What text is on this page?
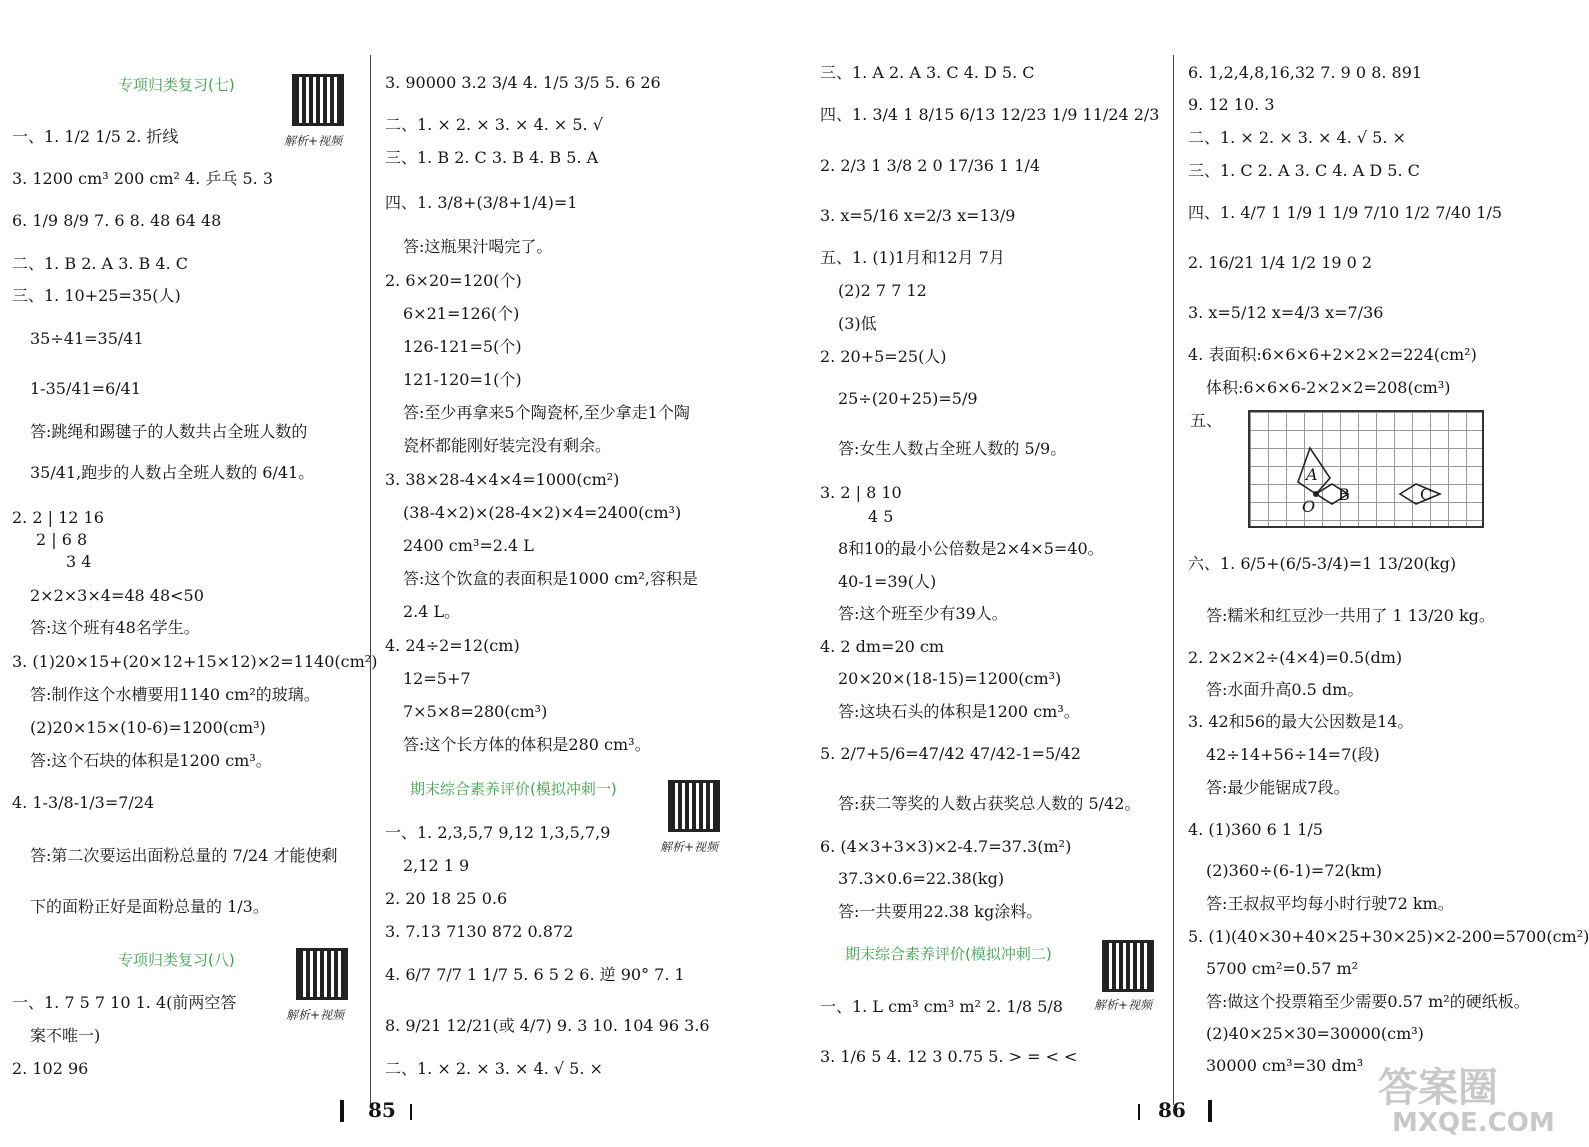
专项归类复习(七)
一、1. 1/2 1/5 2. 折线
3. 1200 cm³ 200 cm² 4. 乒乓 5. 3
6. 1/9 8/9 7. 6 8. 48 64 48
二、1. B 2. A 3. B 4. C
三、1. 10+25=35(人)
35÷41=35/41
1-35/41=6/41
答:跳绳和踢毽子的人数共占全班人数的
35/41,跑步的人数占全班人数的 6/41。
2. 2 | 12 16
2 | 6 8
3 4
2×2×3×4=48 48<50
答:这个班有48名学生。
3. (1)20×15+(20×12+15×12)×2=1140(cm²)
答:制作这个水槽要用1140 cm²的玻璃。
(2)20×15×(10-6)=1200(cm³)
答:这个石块的体积是1200 cm³。
4. 1-3/8-1/3=7/24
答:第二次要运出面粉总量的 7/24 才能使剩
下的面粉正好是面粉总量的 1/3。
专项归类复习(八)
一、1. 7 5 7 10 1. 4(前两空答
案不唯一)
2. 102 96
3. 90000 3.2 3/4 4. 1/5 3/5 5. 6 26
二、1. × 2. × 3. × 4. × 5. √
三、1. B 2. C 3. B 4. B 5. A
四、1. 3/8+(3/8+1/4)=1
答:这瓶果汁喝完了。
2. 6×20=120(个)
6×21=126(个)
126-121=5(个)
121-120=1(个)
答:至少再拿来5个陶瓷杯,至少拿走1个陶
瓷杯都能刚好装完没有剩余。
3. 38×28-4×4×4=1000(cm²)
(38-4×2)×(28-4×2)×4=2400(cm³)
2400 cm³=2.4 L
答:这个饮盒的表面积是1000 cm²,容积是
2.4 L。
4. 24÷2=12(cm)
12=5+7
7×5×8=280(cm³)
答:这个长方体的体积是280 cm³。
期末综合素养评价(模拟冲刺一)
一、1. 2,3,5,7 9,12 1,3,5,7,9
2,12 1 9
2. 20 18 25 0.6
3. 7.13 7130 872 0.872
4. 6/7 7/7 1 1/7 5. 6 5 2 6. 逆 90° 7. 1
8. 9/21 12/21(或 4/7) 9. 3 10. 104 96 3.6
二、1. × 2. × 3. × 4. √ 5. ×
三、1. A 2. A 3. C 4. D 5. C
四、1. 3/4 1 8/15 6/13 12/23 1/9 11/24 2/3
2. 2/3 1 3/8 2 0 17/36 1 1/4
3. x=5/16 x=2/3 x=13/9
五、1. (1)1月和12月 7月
(2)2 7 7 12
(3)低
2. 20+5=25(人)
25÷(20+25)=5/9
答:女生人数占全班人数的 5/9。
3. 2 | 8 10
4 5
8和10的最小公倍数是2×4×5=40。
40-1=39(人)
答:这个班至少有39人。
4. 2 dm=20 cm
20×20×(18-15)=1200(cm³)
答:这块石头的体积是1200 cm³。
5. 2/7+5/6=47/42 47/42-1=5/42
答:获二等奖的人数占获奖总人数的 5/42。
6. (4×3+3×3)×2-4.7=37.3(m²)
37.3×0.6=22.38(kg)
答:一共要用22.38 kg涂料。
期末综合素养评价(模拟冲刺二)
一、1. L cm³ cm³ m² 2. 1/8 5/8
3. 1/6 5 4. 12 3 0.75 5. > = < <
6. 1,2,4,8,16,32 7. 9 0 8. 891
9. 12 10. 3
二、1. × 2. × 3. × 4. √ 5. ×
三、1. C 2. A 3. C 4. A D 5. C
四、1. 4/7 1 1/9 1 1/9 7/10 1/2 7/40 1/5
2. 16/21 1/4 1/2 19 0 2
3. x=5/12 x=4/3 x=7/36
4. 表面积:6×6×6+2×2×2=224(cm²)
体积:6×6×6-2×2×2=208(cm³)
五、
六、1. 6/5+(6/5-3/4)=1 13/20(kg)
答:糯米和红豆沙一共用了 1 13/20 kg。
2. 2×2×2÷(4×4)=0.5(dm)
答:水面升高0.5 dm。
3. 42和56的最大公因数是14。
42÷14+56÷14=7(段)
答:最少能锯成7段。
4. (1)360 6 1 1/5
(2)360÷(6-1)=72(km)
答:王叔叔平均每小时行驶72 km。
5. (1)(40×30+40×25+30×25)×2-200=5700(cm²)
5700 cm²=0.57 m²
答:做这个投票箱至少需要0.57 m²的硬纸板。
(2)40×25×30=30000(cm³)
30000 cm³=30 dm³
解析+视频
解析+视频
解析+视频
解析+视频
A
O
B	C
85	86	答案圈
MXQE.COM
